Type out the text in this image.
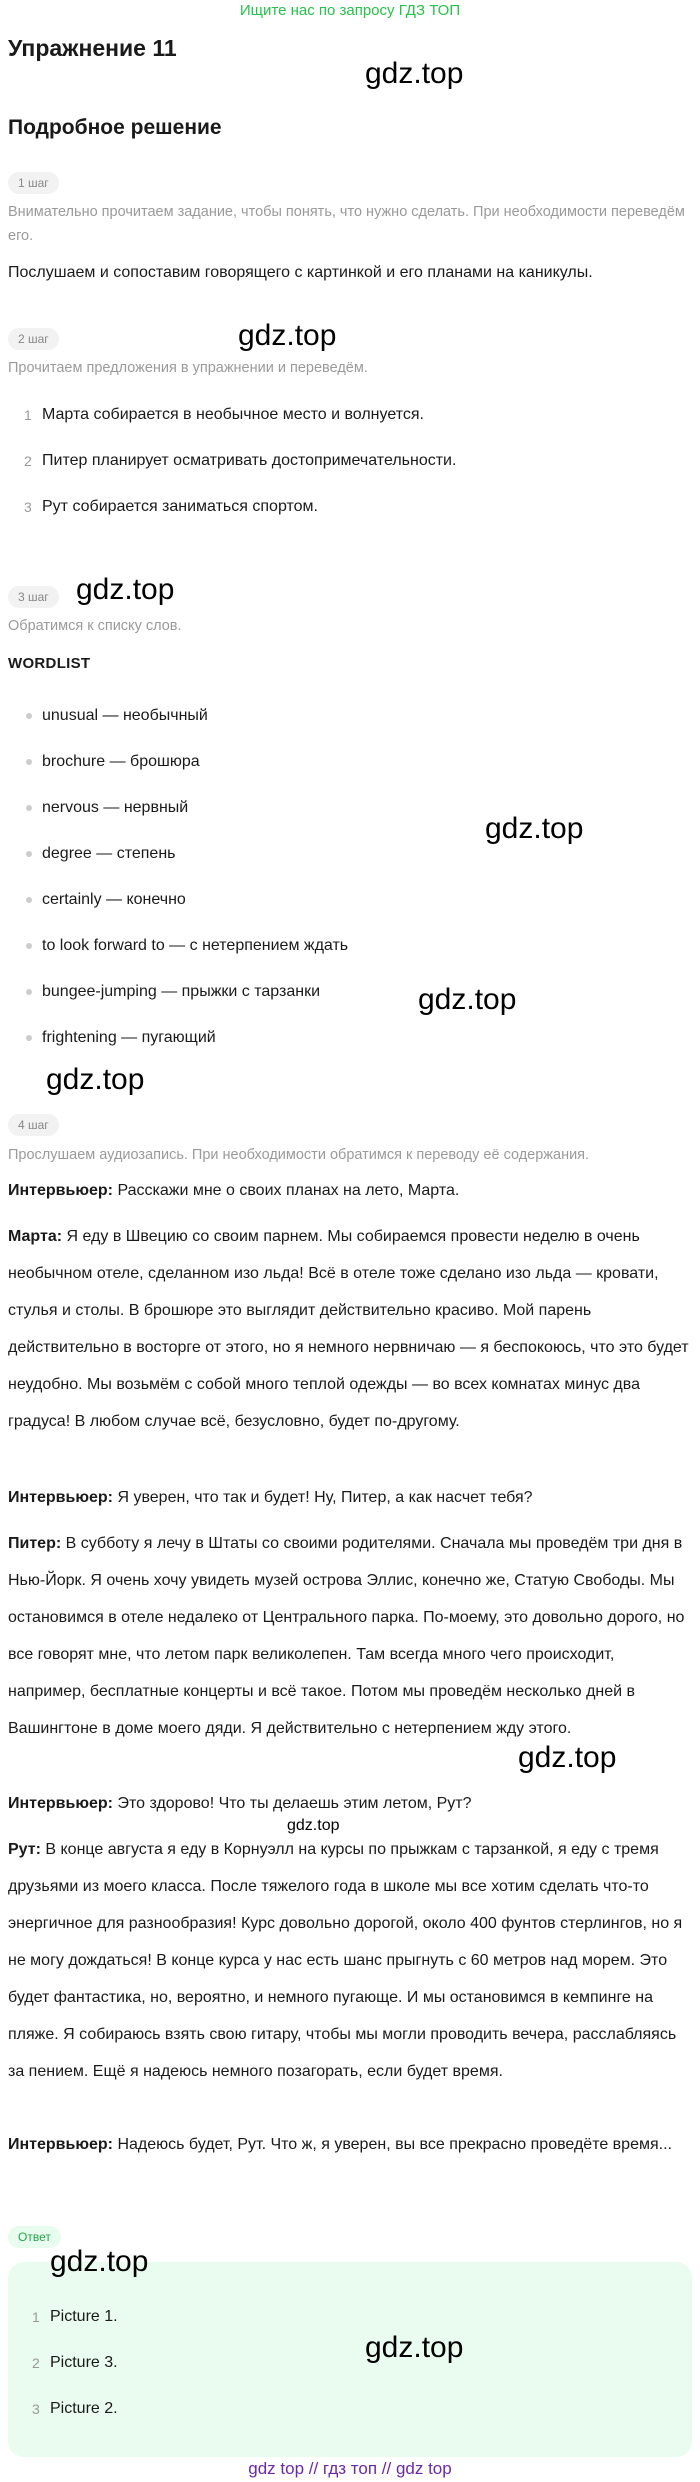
Ищите нас по запросу ГДЗ ТОП
Упражнение 11
gdz.top
Подробное решение
1 шаг
Внимательно прочитаем задание, чтобы понять, что нужно сделать. При необходимости переведём его.
Послушаем и сопоставим говорящего с картинкой и его планами на каникулы.
2 шаг	gdz.top
Прочитаем предложения в упражнении и переведём.
1 Марта собирается в необычное место и волнуется.
2 Питер планирует осматривать достопримечательности.
3 Рут собирается заниматься спортом.
3 шаг gdz.top
Обратимся к списку слов.
WORDLIST
unusual — необычный
brochure — брошюра
nervous — нервный
degree — степень
certainly — конечно
to look forward to — с нетерпением ждать
bungee-jumping — прыжки с тарзанки
frightening — пугающий
gdz.top
gdz.top
gdz.top
4 шаг
Прослушаем аудиозапись. При необходимости обратимся к переводу её содержания.

Интервьюер: Расскажи мне о своих планах на лето, Марта.

Марта: Я еду в Швецию со своим парнем. Мы собираемся провести неделю в очень необычном отеле, сделанном изо льда! Всё в отеле тоже сделано изо льда — кровати, стулья и столы. В брошюре это выглядит действительно красиво. Мой парень действительно в восторге от этого, но я немного нервничаю — я беспокоюсь, что это будет неудобно. Мы возьмём с собой много теплой одежды — во всех комнатах минус два градуса! В любом случае всё, безусловно, будет по-другому.

Интервьюер: Я уверен, что так и будет! Ну, Питер, а как насчет тебя?

Питер: В субботу я лечу в Штаты со своими родителями. Сначала мы проведём три дня в Нью-Йорк. Я очень хочу увидеть музей острова Эллис, конечно же, Статую Свободы. Мы остановимся в отеле недалеко от Центрального парка. По-моему, это довольно дорого, но все говорят мне, что летом парк великолепен. Там всегда много чего происходит, например, бесплатные концерты и всё такое. Потом мы проведём несколько дней в Вашингтоне в доме моего дяди. Я действительно с нетерпением жду этого.

gdz.top

Интервьюер: Это здорово! Что ты делаешь этим летом, Рут?

gdz.top

Рут: В конце августа я еду в Корнуэлл на курсы по прыжкам с тарзанкой, я еду с тремя друзьями из моего класса. После тяжелого года в школе мы все хотим сделать что-то энергичное для разнообразия! Курс довольно дорогой, около 400 фунтов стерлингов, но я не могу дождаться! В конце курса у нас есть шанс прыгнуть с 60 метров над морем. Это будет фантастика, но, вероятно, и немного пугающе. И мы остановимся в кемпинге на пляже. Я собираюсь взять свою гитару, чтобы мы могли проводить вечера, расслабляясь за пением. Ещё я надеюсь немного позагорать, если будет время.

Интервьюер: Надеюсь будет, Рут. Что ж, я уверен, вы все прекрасно проведёте время...

Ответ
gdz.top
1 Picture 1.
2 Picture 3.
3 Picture 2.
gdz.top
gdz top // гдз топ // gdz top
